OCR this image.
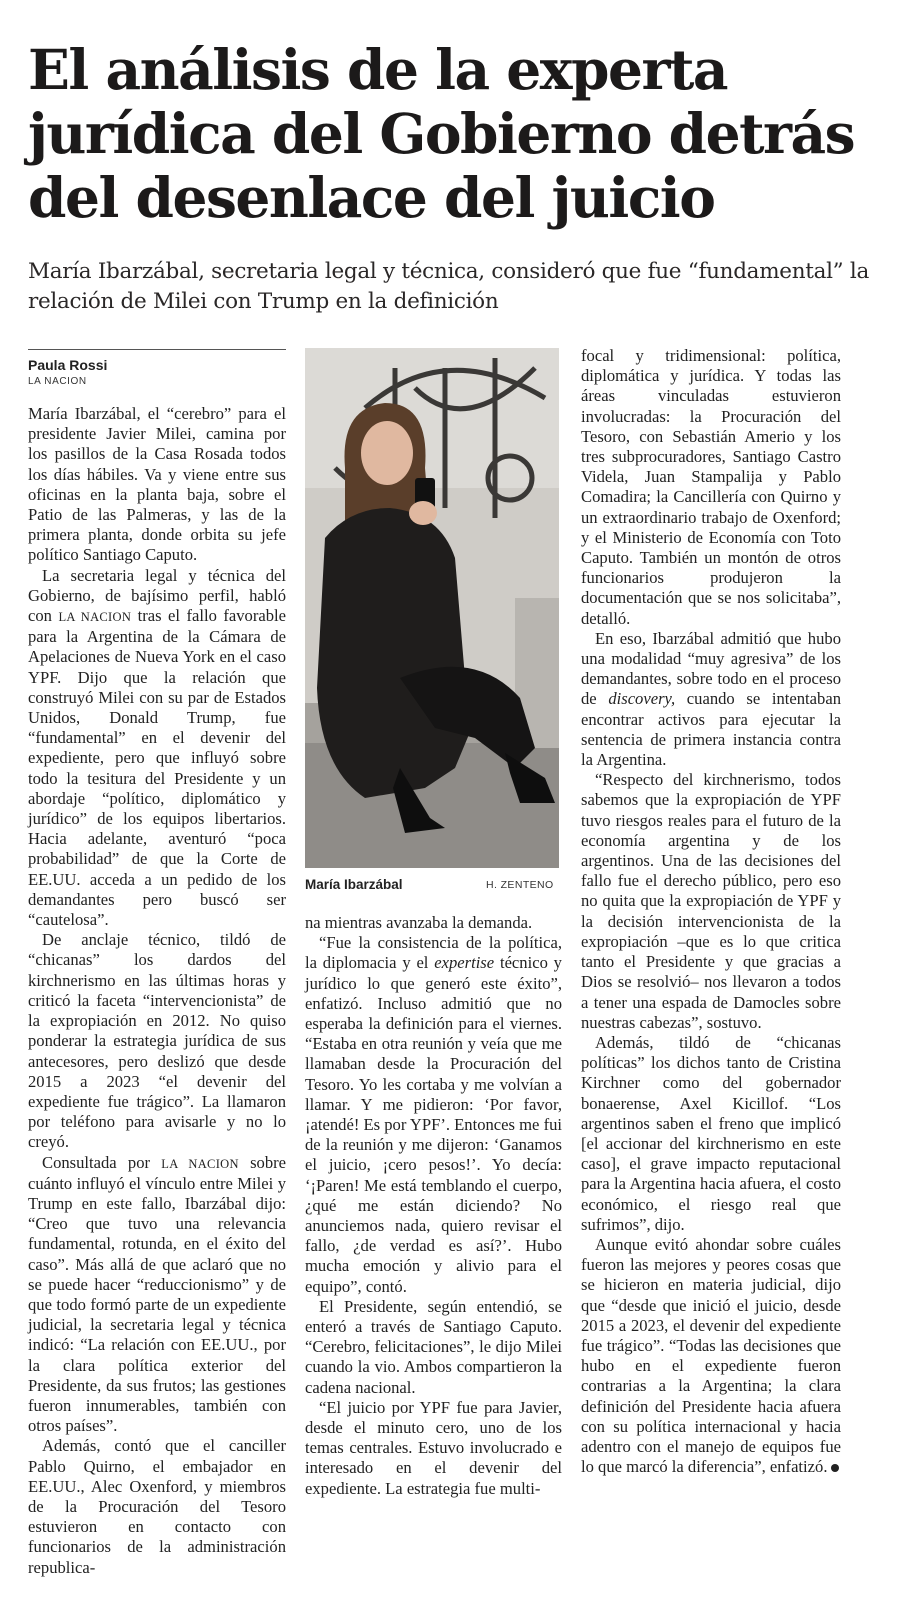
El análisis de la experta jurídica del Gobierno detrás del desenlace del juicio
María Ibarzábal, secretaria legal y técnica, consideró que fue “fundamental” la relación de Milei con Trump en la definición
Paula Rossi
LA NACION

María Ibarzábal, el “cerebro” para el presidente Javier Milei, camina por los pasillos de la Casa Rosada todos los días hábiles. Va y viene entre sus oficinas en la planta baja, sobre el Patio de las Palmeras, y las de la primera planta, donde orbita su jefe político Santiago Caputo.

La secretaria legal y técnica del Gobierno, de bajísimo perfil, habló con LA NACION tras el fallo favorable para la Argentina de la Cámara de Apelaciones de Nueva York en el caso YPF. Dijo que la relación que construyó Milei con su par de Estados Unidos, Donald Trump, fue “fundamental” en el devenir del expediente, pero que influyó sobre todo la tesitura del Presidente y un abordaje “político, diplomático y jurídico” de los equipos libertarios. Hacia adelante, aventuró “poca probabilidad” de que la Corte de EE.UU. acceda a un pedido de los demandantes pero buscó ser “cautelosa”.

De anclaje técnico, tildó de “chicanas” los dardos del kirchnerismo en las últimas horas y criticó la faceta “intervencionista” de la expropiación en 2012. No quiso ponderar la estrategia jurídica de sus antecesores, pero deslizó que desde 2015 a 2023 “el devenir del expediente fue trágico”. La llamaron por teléfono para avisarle y no lo creyó.

Consultada por LA NACION sobre cuánto influyó el vínculo entre Milei y Trump en este fallo, Ibarzábal dijo: “Creo que tuvo una relevancia fundamental, rotunda, en el éxito del caso”. Más allá de que aclaró que no se puede hacer “reduccionismo” y de que todo formó parte de un expediente judicial, la secretaria legal y técnica indicó: “La relación con EE.UU., por la clara política exterior del Presidente, da sus frutos; las gestiones fueron innumerables, también con otros países”.

Además, contó que el canciller Pablo Quirno, el embajador en EE.UU., Alec Oxenford, y miembros de la Procuración del Tesoro estuvieron en contacto con funcionarios de la administración republica-

María Ibarzábal	H. ZENTENO

na mientras avanzaba la demanda.

“Fue la consistencia de la política, la diplomacia y el expertise técnico y jurídico lo que generó este éxito”, enfatizó. Incluso admitió que no esperaba la definición para el viernes. “Estaba en otra reunión y veía que me llamaban desde la Procuración del Tesoro. Yo les cortaba y me volvían a llamar. Y me pidieron: ‘Por favor, ¡atendé! Es por YPF’. Entonces me fui de la reunión y me dijeron: ‘Ganamos el juicio, ¡cero pesos!’. Yo decía: ‘¡Paren! Me está temblando el cuerpo, ¿qué me están diciendo? No anunciemos nada, quiero revisar el fallo, ¿de verdad es así?’. Hubo mucha emoción y alivio para el equipo”, contó.

El Presidente, según entendió, se enteró a través de Santiago Caputo. “Cerebro, felicitaciones”, le dijo Milei cuando la vio. Ambos compartieron la cadena nacional.

“El juicio por YPF fue para Javier, desde el minuto cero, uno de los temas centrales. Estuvo involucrado e interesado en el devenir del expediente. La estrategia fue multi-

focal y tridimensional: política, diplomática y jurídica. Y todas las áreas vinculadas estuvieron involucradas: la Procuración del Tesoro, con Sebastián Amerio y los tres subprocuradores, Santiago Castro Videla, Juan Stampalija y Pablo Comadira; la Cancillería con Quirno y un extraordinario trabajo de Oxenford; y el Ministerio de Economía con Toto Caputo. También un montón de otros funcionarios produjeron la documentación que se nos solicitaba”, detalló.

En eso, Ibarzábal admitió que hubo una modalidad “muy agresiva” de los demandantes, sobre todo en el proceso de discovery, cuando se intentaban encontrar activos para ejecutar la sentencia de primera instancia contra la Argentina.

“Respecto del kirchnerismo, todos sabemos que la expropiación de YPF tuvo riesgos reales para el futuro de la economía argentina y de los argentinos. Una de las decisiones del fallo fue el derecho público, pero eso no quita que la expropiación de YPF y la decisión intervencionista de la expropiación –que es lo que critica tanto el Presidente y que gracias a Dios se resolvió– nos llevaron a todos a tener una espada de Damocles sobre nuestras cabezas”, sostuvo.

Además, tildó de “chicanas políticas” los dichos tanto de Cristina Kirchner como del gobernador bonaerense, Axel Kicillof. “Los argentinos saben el freno que implicó [el accionar del kirchnerismo en este caso], el grave impacto reputacional para la Argentina hacia afuera, el costo económico, el riesgo real que sufrimos”, dijo.

Aunque evitó ahondar sobre cuáles fueron las mejores y peores cosas que se hicieron en materia judicial, dijo que “desde que inició el juicio, desde 2015 a 2023, el devenir del expediente fue trágico”. “Todas las decisiones que hubo en el expediente fueron contrarias a la Argentina; la clara definición del Presidente hacia afuera con su política internacional y hacia adentro con el manejo de equipos fue lo que marcó la diferencia”, enfatizó.
